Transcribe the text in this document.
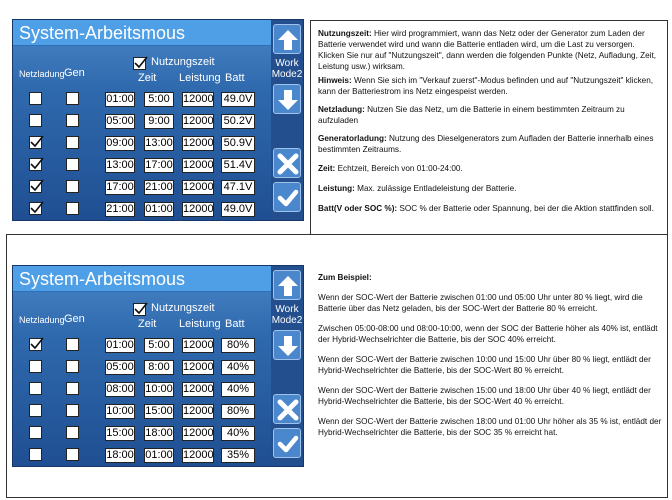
System-Arbeitsmous
Netzladung Gen
Nutzungszeit
Zeit Leistung Batt
01:00	5:00	12000 49.0V
05:00	9:00	12000 50.2V
09:00 13:00 12000 50.9V
13:00 17:00 12000 51.4V
17:00 21:00 12000 47.1V
21:00 01:00 12000 49.0V
Work
Mode2
System-Arbeitsmous
Netzladung Gen
Nutzungszeit
Zeit Leistung Batt
01:00	5:00	12000	80%
05:00	8:00	12000	40%
08:00 10:00 12000	40%
10:00 15:00 12000	80%
15:00 18:00 12000	40%
18:00 01:00 12000	35%
Work
Mode2

Nutzungszeit: Hier wird programmiert, wann das Netz oder der Generator zum Laden der Batterie verwendet wird und wann die Batterie entladen wird, um die Last zu versorgen. Klicken Sie nur auf "Nutzungszeit", dann werden die folgenden Punkte (Netz, Aufladung, Zeit, Leistung usw.) wirksam.

Hinweis: Wenn Sie sich im "Verkauf zuerst"-Modus befinden und auf "Nutzungszeit" klicken, kann der Batteriestrom ins Netz eingespeist werden.

Netzladung: Nutzen Sie das Netz, um die Batterie in einem bestimmten Zeitraum zu aufzuladen

Generatorladung: Nutzung des Dieselgenerators zum Aufladen der Batterie innerhalb eines bestimmten Zeitraums.

Zeit: Echtzeit, Bereich von 01:00-24:00.

Leistung: Max. zulässige Entladeleistung der Batterie.

Batt(V oder SOC %): SOC % der Batterie oder Spannung, bei der die Aktion stattfinden soll.

Zum Beispiel:

Wenn der SOC-Wert der Batterie zwischen 01:00 und 05:00 Uhr unter 80 % liegt, wird die Batterie über das Netz geladen, bis der SOC-Wert der Batterie 80 % erreicht.

Zwischen 05:00-08:00 und 08:00-10:00, wenn der SOC der Batterie höher als 40% ist, entlädt der Hybrid-Wechselrichter die Batterie, bis der SOC 40% erreicht.

Wenn der SOC-Wert der Batterie zwischen 10:00 und 15:00 Uhr über 80 % liegt, entlädt der Hybrid-Wechselrichter die Batterie, bis der SOC-Wert 80 % erreicht.

Wenn der SOC-Wert der Batterie zwischen 15:00 und 18:00 Uhr über 40 % liegt, entlädt der Hybrid-Wechselrichter die Batterie, bis der SOC-Wert 40 % erreicht.

Wenn der SOC-Wert der Batterie zwischen 18:00 und 01:00 Uhr höher als 35 % ist, entlädt der Hybrid-Wechselrichter die Batterie, bis der SOC 35 % erreicht hat.
